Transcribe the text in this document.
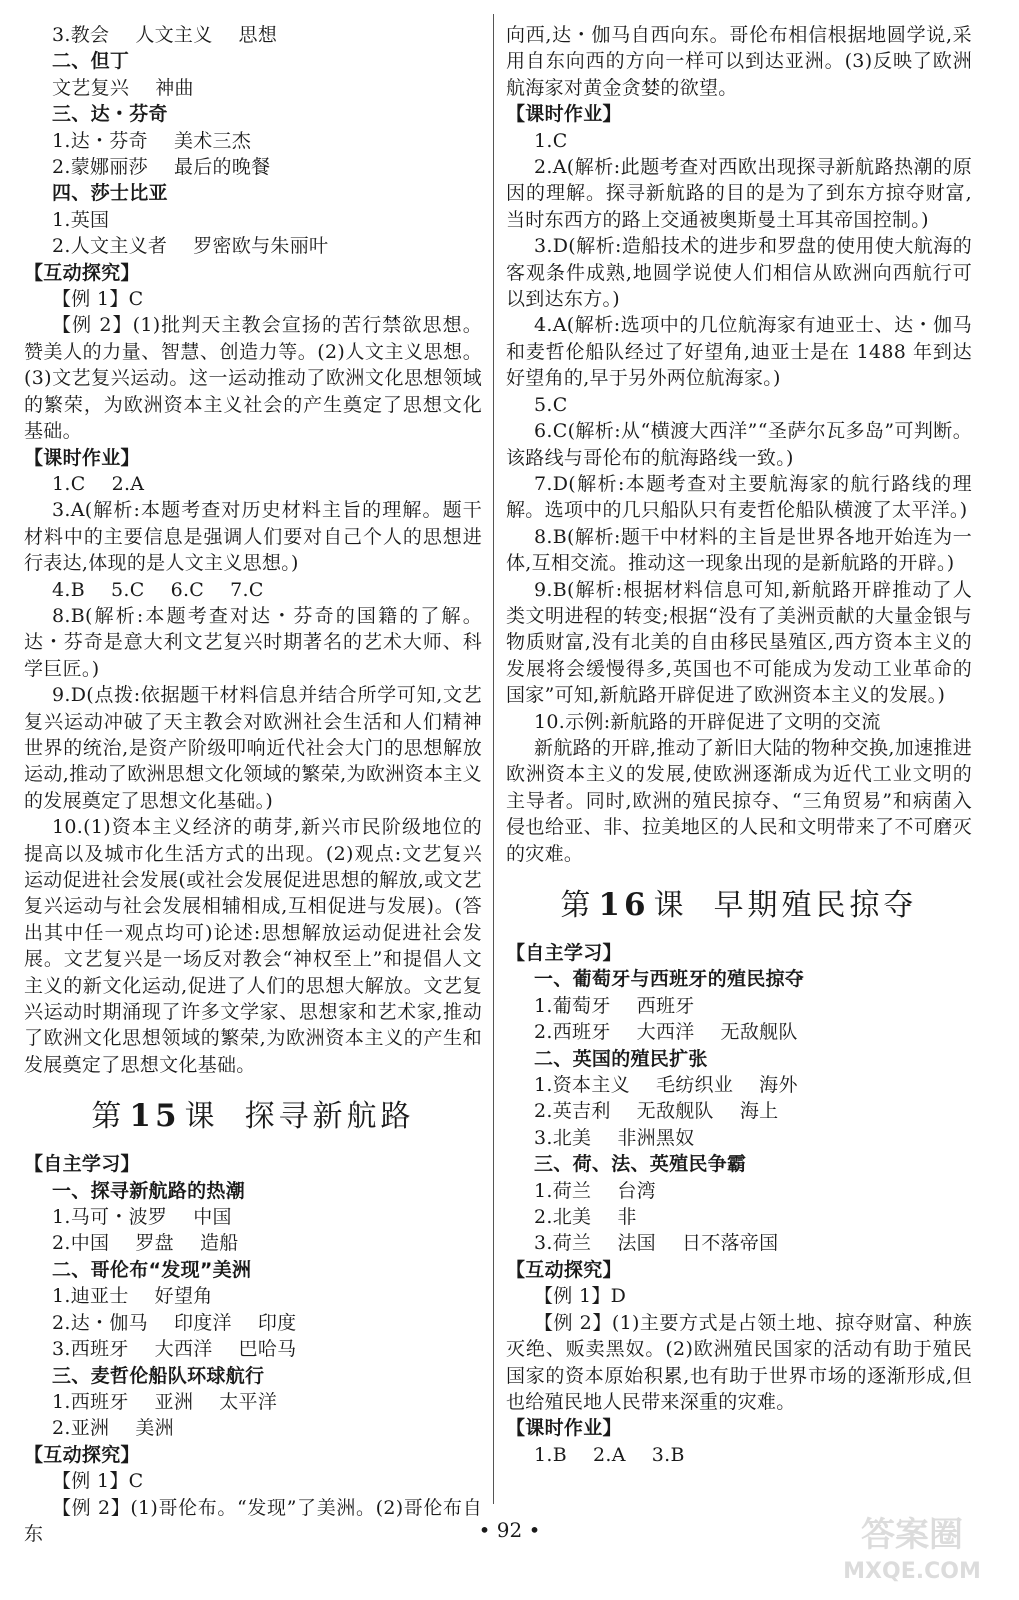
3.教会 人文主义 思想

二、但丁

文艺复兴 神曲

三、达・芬奇

1.达・芬奇 美术三杰

2.蒙娜丽莎 最后的晚餐

四、莎士比亚

1.英国

2.人文主义者 罗密欧与朱丽叶

【互动探究】

【例 1】C

【例 2】(1)批判天主教会宣扬的苦行禁欲思想。赞美人的力量、智慧、创造力等。(2)人文主义思想。(3)文艺复兴运动。这一运动推动了欧洲文化思想领域的繁荣，为欧洲资本主义社会的产生奠定了思想文化基础。

【课时作业】

1.C 2.A

3.A(解析:本题考查对历史材料主旨的理解。题干材料中的主要信息是强调人们要对自己个人的思想进行表达,体现的是人文主义思想。)

4.B 5.C 6.C 7.C

8.B(解析:本题考查对达・芬奇的国籍的了解。达・芬奇是意大利文艺复兴时期著名的艺术大师、科学巨匠。)

9.D(点拨:依据题干材料信息并结合所学可知,文艺复兴运动冲破了天主教会对欧洲社会生活和人们精神世界的统治,是资产阶级叩响近代社会大门的思想解放运动,推动了欧洲思想文化领域的繁荣,为欧洲资本主义的发展奠定了思想文化基础。)

10.(1)资本主义经济的萌芽,新兴市民阶级地位的提高以及城市化生活方式的出现。(2)观点:文艺复兴运动促进社会发展(或社会发展促进思想的解放,或文艺复兴运动与社会发展相辅相成,互相促进与发展)。(答出其中任一观点均可)论述:思想解放运动促进社会发展。文艺复兴是一场反对教会“神权至上”和提倡人文主义的新文化运动,促进了人们的思想大解放。文艺复兴运动时期涌现了许多文学家、思想家和艺术家,推动了欧洲文化思想领域的繁荣,为欧洲资本主义的产生和发展奠定了思想文化基础。

第 15 课 探寻新航路

【自主学习】

一、探寻新航路的热潮

1.马可・波罗 中国

2.中国 罗盘 造船

二、哥伦布“发现”美洲

1.迪亚士 好望角

2.达・伽马 印度洋 印度

3.西班牙 大西洋 巴哈马

三、麦哲伦船队环球航行

1.西班牙 亚洲 太平洋

2.亚洲 美洲

【互动探究】

【例 1】C

【例 2】(1)哥伦布。“发现”了美洲。(2)哥伦布自东

向西,达・伽马自西向东。哥伦布相信根据地圆学说,采用自东向西的方向一样可以到达亚洲。(3)反映了欧洲航海家对黄金贪婪的欲望。

【课时作业】

1.C

2.A(解析:此题考查对西欧出现探寻新航路热潮的原因的理解。探寻新航路的目的是为了到东方掠夺财富,当时东西方的路上交通被奥斯曼土耳其帝国控制。)

3.D(解析:造船技术的进步和罗盘的使用使大航海的客观条件成熟,地圆学说使人们相信从欧洲向西航行可以到达东方。)

4.A(解析:选项中的几位航海家有迪亚士、达・伽马和麦哲伦船队经过了好望角,迪亚士是在 1488 年到达好望角的,早于另外两位航海家。)

5.C

6.C(解析:从“横渡大西洋”“圣萨尔瓦多岛”可判断。该路线与哥伦布的航海路线一致。)

7.D(解析:本题考查对主要航海家的航行路线的理解。选项中的几只船队只有麦哲伦船队横渡了太平洋。)

8.B(解析:题干中材料的主旨是世界各地开始连为一体,互相交流。推动这一现象出现的是新航路的开辟。)

9.B(解析:根据材料信息可知,新航路开辟推动了人类文明进程的转变;根据“没有了美洲贡献的大量金银与物质财富,没有北美的自由移民垦殖区,西方资本主义的发展将会缓慢得多,英国也不可能成为发动工业革命的国家”可知,新航路开辟促进了欧洲资本主义的发展。)

10.示例:新航路的开辟促进了文明的交流

新航路的开辟,推动了新旧大陆的物种交换,加速推进欧洲资本主义的发展,使欧洲逐渐成为近代工业文明的主导者。同时,欧洲的殖民掠夺、“三角贸易”和病菌入侵也给亚、非、拉美地区的人民和文明带来了不可磨灭的灾难。

第 16 课 早期殖民掠夺

【自主学习】

一、葡萄牙与西班牙的殖民掠夺

1.葡萄牙 西班牙

2.西班牙 大西洋 无敌舰队

二、英国的殖民扩张

1.资本主义 毛纺织业 海外

2.英吉利 无敌舰队 海上

3.北美 非洲黑奴

三、荷、法、英殖民争霸

1.荷兰 台湾

2.北美 非

3.荷兰 法国 日不落帝国

【互动探究】

【例 1】D

【例 2】(1)主要方式是占领土地、掠夺财富、种族灭绝、贩卖黑奴。(2)欧洲殖民国家的活动有助于殖民国家的资本原始积累,也有助于世界市场的逐渐形成,但也给殖民地人民带来深重的灾难。

【课时作业】

1.B 2.A 3.B

• 92 •	答案圈
MXQE.COM
